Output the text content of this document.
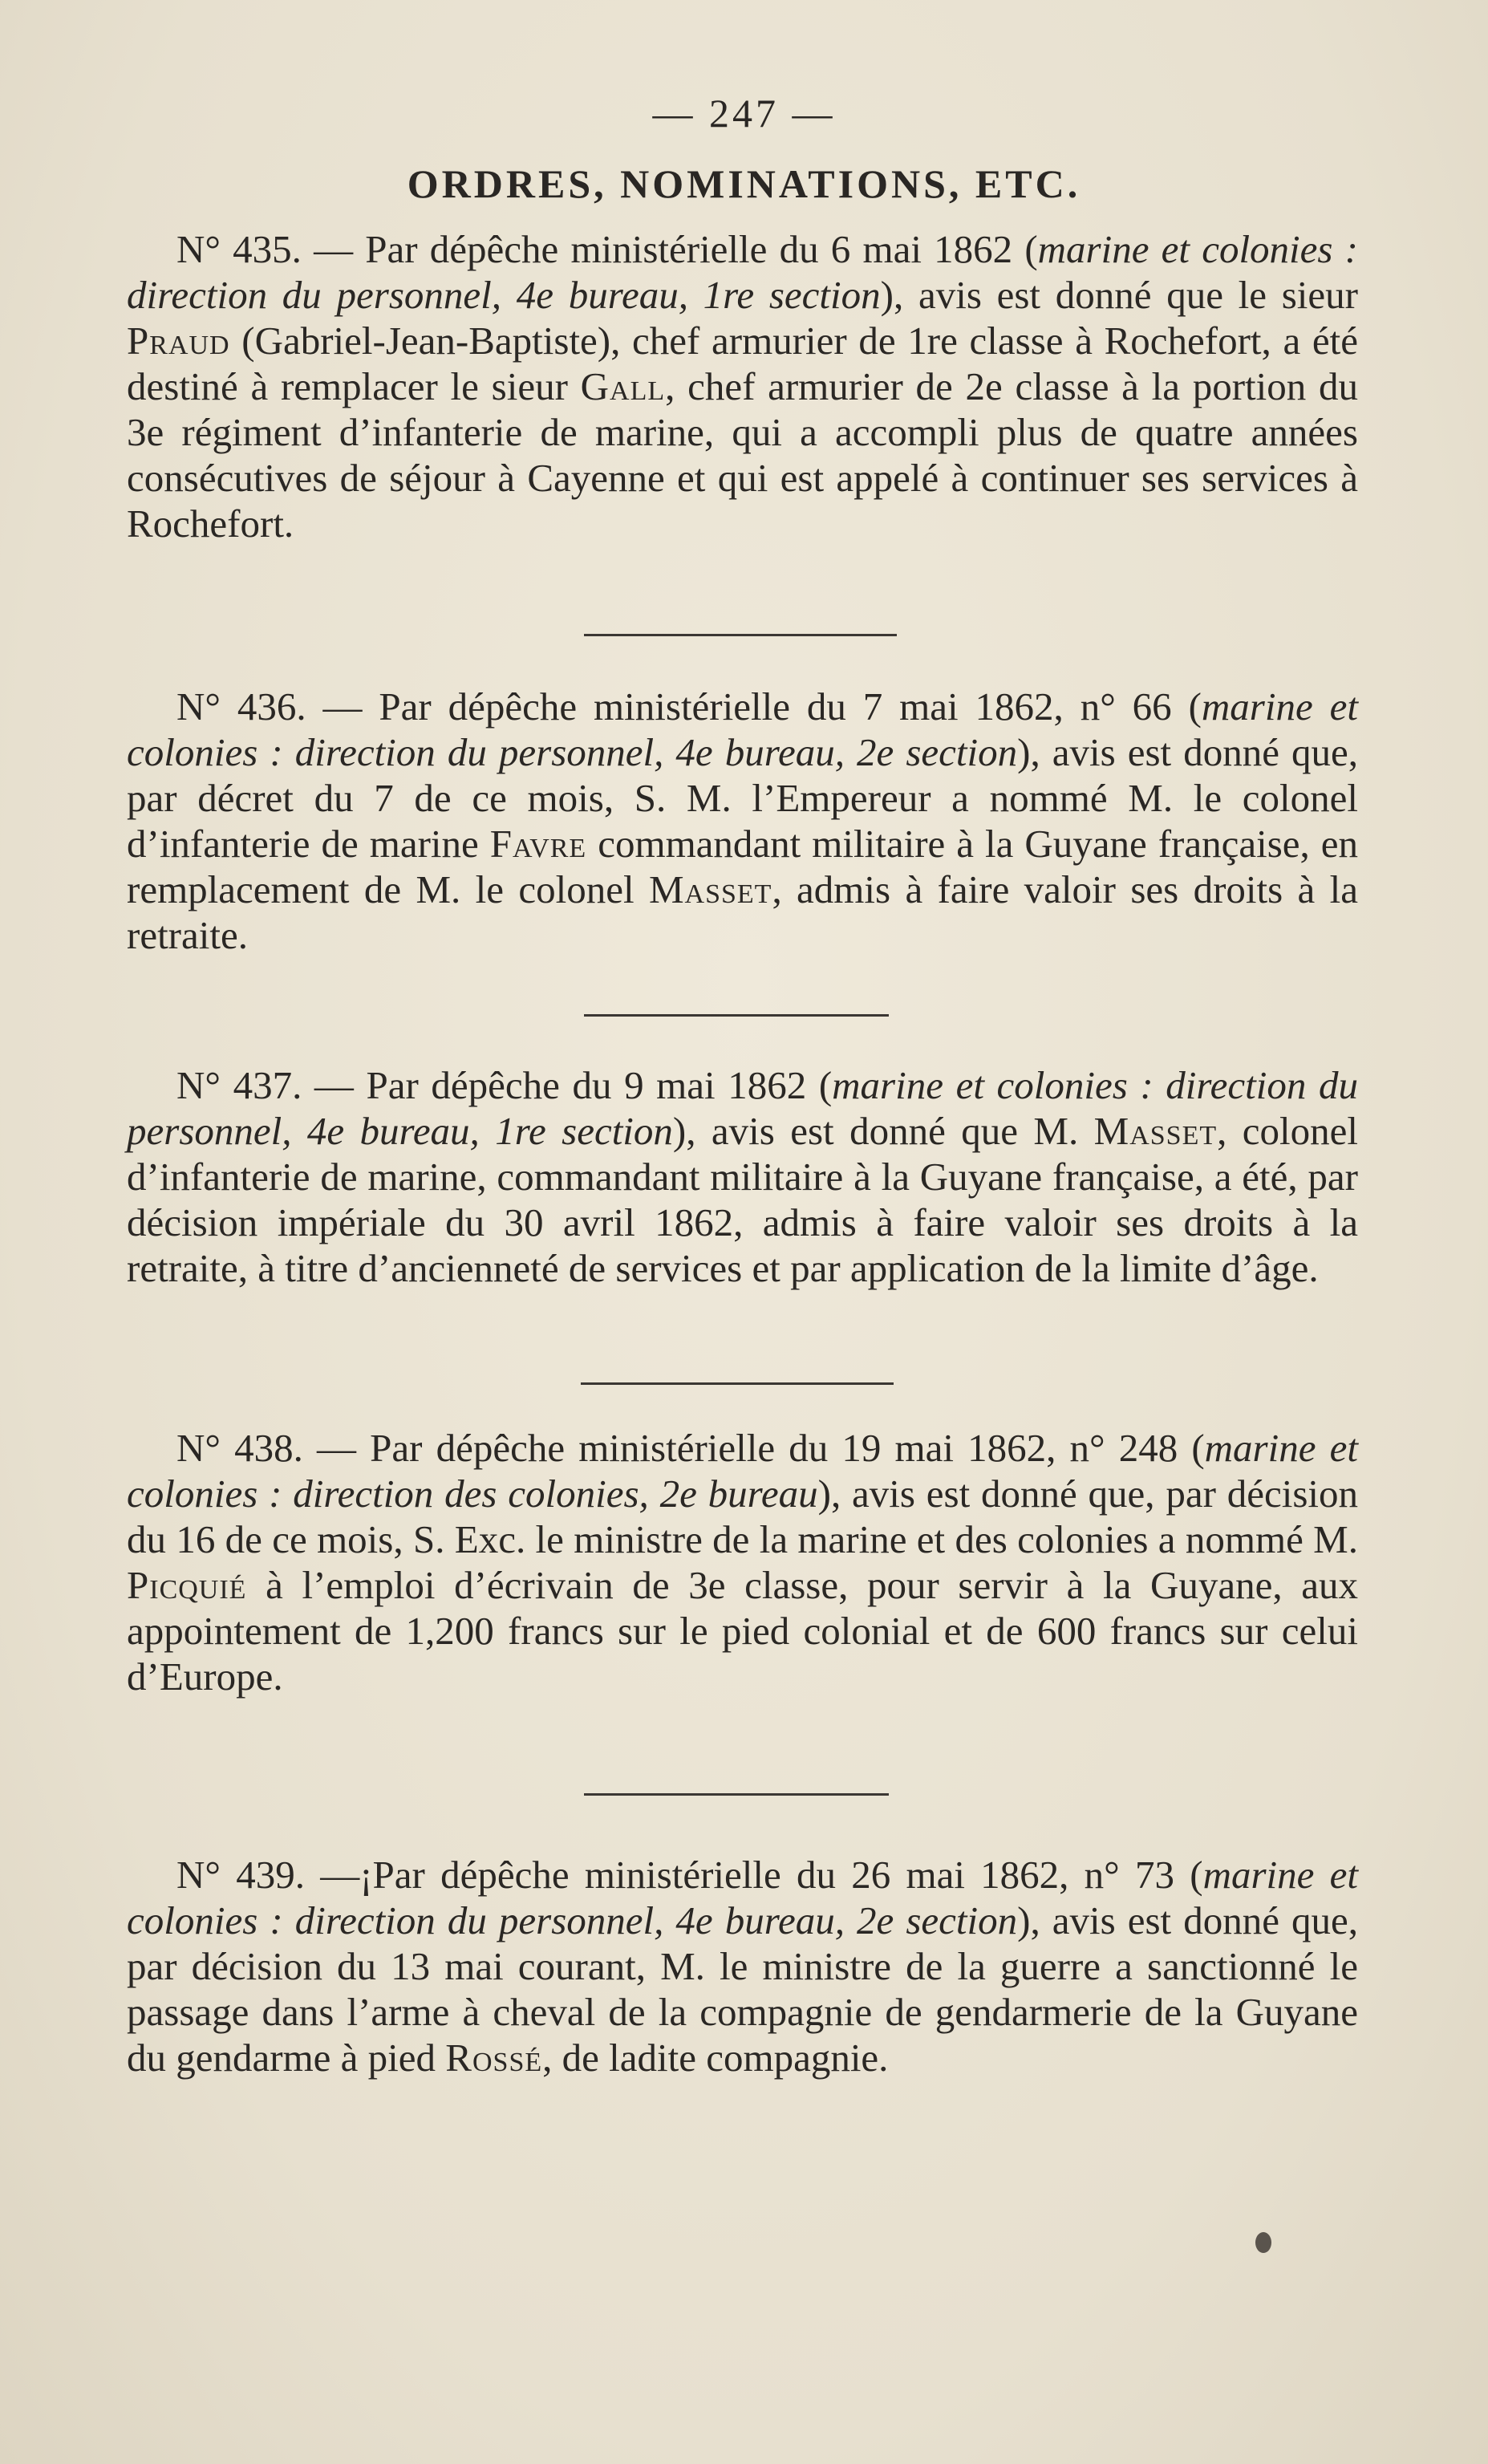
— 247 —
ORDRES, NOMINATIONS, ETC.

N° 435. — Par dépêche ministérielle du 6 mai 1862 (marine et colonies : direction du personnel, 4e bureau, 1re section), avis est donné que le sieur Praud (Gabriel-Jean-Baptiste), chef armurier de 1re classe à Rochefort, a été destiné à remplacer le sieur Gall, chef armurier de 2e classe à la portion du 3e régiment d’infanterie de marine, qui a accompli plus de quatre années consécutives de séjour à Cayenne et qui est appelé à continuer ses services à Rochefort.

N° 436. — Par dépêche ministérielle du 7 mai 1862, n° 66 (marine et colonies : direction du personnel, 4e bureau, 2e section), avis est donné que, par décret du 7 de ce mois, S. M. l’Empereur a nommé M. le colonel d’infanterie de marine Favre commandant militaire à la Guyane française, en remplacement de M. le colonel Masset, admis à faire valoir ses droits à la retraite.

N° 437. — Par dépêche du 9 mai 1862 (marine et colonies : direction du personnel, 4e bureau, 1re section), avis est donné que M. Masset, colonel d’infanterie de marine, commandant militaire à la Guyane française, a été, par décision impériale du 30 avril 1862, admis à faire valoir ses droits à la retraite, à titre d’ancienneté de services et par application de la limite d’âge.

N° 438. — Par dépêche ministérielle du 19 mai 1862, n° 248 (marine et colonies : direction des colonies, 2e bureau), avis est donné que, par décision du 16 de ce mois, S. Exc. le ministre de la marine et des colonies a nommé M. Picquié à l’emploi d’écrivain de 3e classe, pour servir à la Guyane, aux appointement de 1,200 francs sur le pied colonial et de 600 francs sur celui d’Europe.

N° 439. —¡Par dépêche ministérielle du 26 mai 1862, n° 73 (marine et colonies : direction du personnel, 4e bureau, 2e section), avis est donné que, par décision du 13 mai courant, M. le ministre de la guerre a sanctionné le passage dans l’arme à cheval de la compagnie de gendarmerie de la Guyane du gendarme à pied Rossé, de ladite compagnie.
